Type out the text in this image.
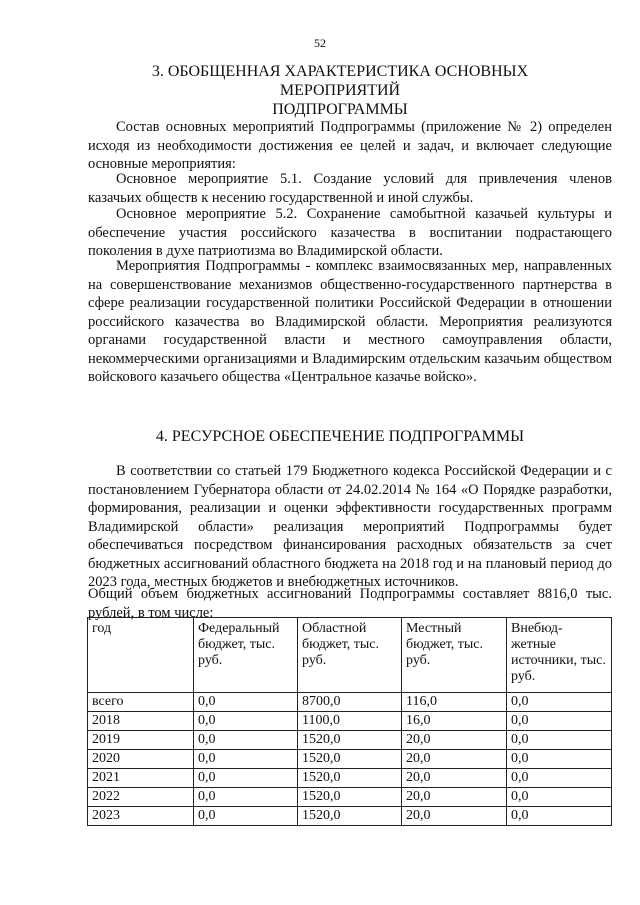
52
3. ОБОБЩЕННАЯ ХАРАКТЕРИСТИКА ОСНОВНЫХ МЕРОПРИЯТИЙ
ПОДПРОГРАММЫ
Состав основных мероприятий Подпрограммы (приложение № 2) определен исходя из необходимости достижения ее целей и задач, и включает следующие основные мероприятия:
Основное мероприятие 5.1. Создание условий для привлечения членов казачьих обществ к несению государственной и иной службы.
Основное мероприятие 5.2. Сохранение самобытной казачьей культуры и обеспечение участия российского казачества в воспитании подрастающего поколения в духе патриотизма во Владимирской области.
Мероприятия Подпрограммы - комплекс взаимосвязанных мер, направленных на совершенствование механизмов общественно-государственного партнерства в сфере реализации государственной политики Российской Федерации в отношении российского казачества во Владимирской области. Мероприятия реализуются органами государственной власти и местного самоуправления области, некоммерческими организациями и Владимирским отдельским казачьим обществом войскового казачьего общества «Центральное казачье войско».
4. РЕСУРСНОЕ ОБЕСПЕЧЕНИЕ ПОДПРОГРАММЫ
В соответствии со статьей 179 Бюджетного кодекса Российской Федерации и с постановлением Губернатора области от 24.02.2014 № 164 «О Порядке разработки, формирования, реализации и оценки эффективности государственных программ Владимирской области» реализация мероприятий Подпрограммы будет обеспечиваться посредством финансирования расходных обязательств за счет бюджетных ассигнований областного бюджета на 2018 год и на плановый период до 2023 года, местных бюджетов и внебюджетных источников.
Общий объем бюджетных ассигнований Подпрограммы составляет 8816,0 тыс. рублей, в том числе:
год	Федеральный бюджет, тыс. руб.	Областной бюджет, тыс. руб.	Местный бюджет, тыс. руб.	Внебюд-жетные источники, тыс. руб.
всего	0,0	8700,0	116,0	0,0
2018	0,0	1100,0	16,0	0,0
2019	0,0	1520,0	20,0	0,0
2020	0,0	1520,0	20,0	0,0
2021	0,0	1520,0	20,0	0,0
2022	0,0	1520,0	20,0	0,0
2023	0,0	1520,0	20,0	0,0
